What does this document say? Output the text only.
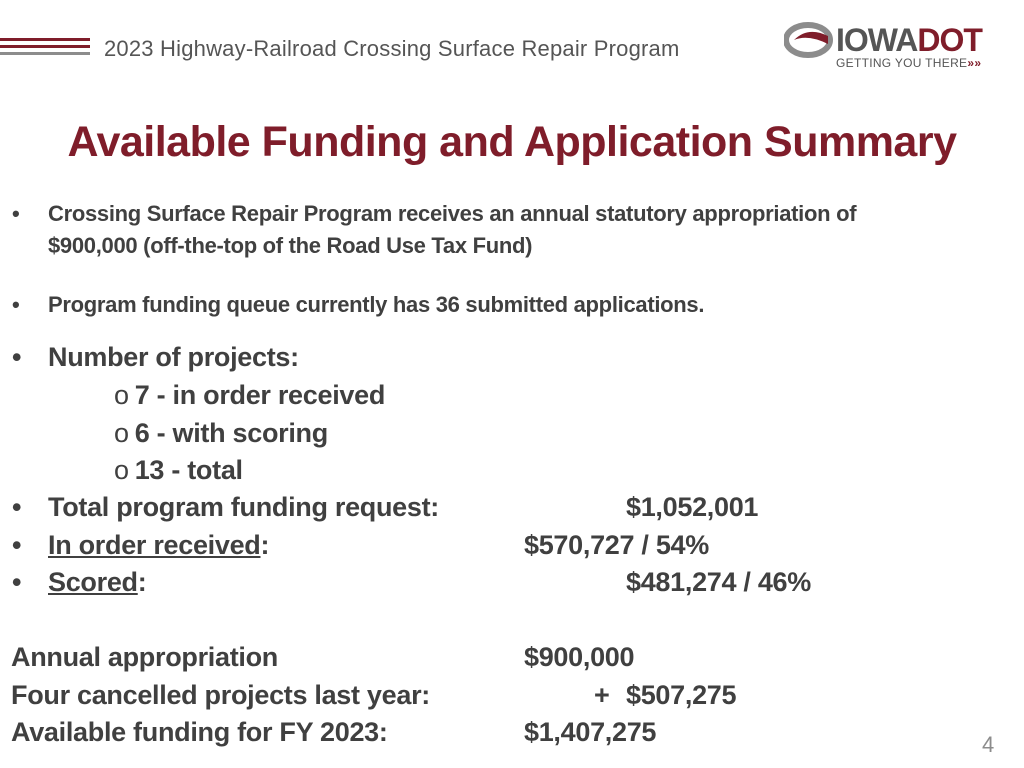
2023 Highway-Railroad Crossing Surface Repair Program	IOWADOT
GETTING YOU THERE»»
Available Funding and Application Summary
• Crossing Surface Repair Program receives an annual statutory appropriation of
$900,000 (off-the-top of the Road Use Tax Fund)
• Program funding queue currently has 36 submitted applications.
• Number of projects:
o 7 - in order received
o 6 - with scoring
o 13 - total
• Total program funding request:	$1,052,001
• In order received:	$570,727 / 54%
• Scored:	$481,274 / 46%
Annual appropriation	$900,000
Four cancelled projects last year:	+ $507,275
Available funding for FY 2023:	$1,407,275	4
